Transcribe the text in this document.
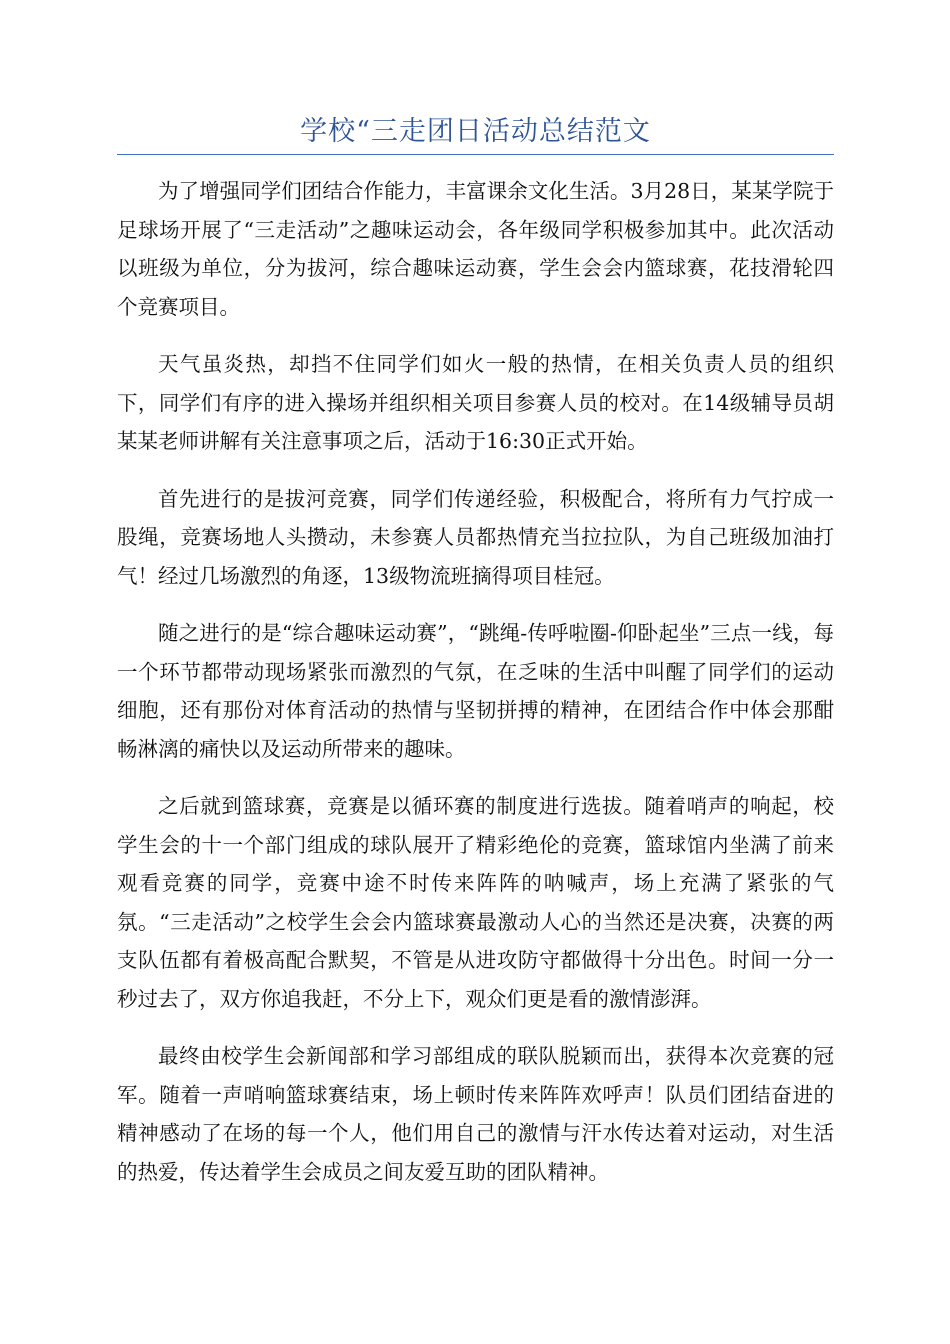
学校“三走团日活动总结范文

为了增强同学们团结合作能力，丰富课余文化生活。3月28日，某某学院于足球场开展了“三走活动”之趣味运动会，各年级同学积极参加其中。此次活动以班级为单位，分为拔河，综合趣味运动赛，学生会会内篮球赛，花技滑轮四个竞赛项目。

天气虽炎热，却挡不住同学们如火一般的热情，在相关负责人员的组织下，同学们有序的进入操场并组织相关项目参赛人员的校对。在14级辅导员胡某某老师讲解有关注意事项之后，活动于16:30正式开始。

首先进行的是拔河竞赛，同学们传递经验，积极配合，将所有力气拧成一股绳，竞赛场地人头攒动，未参赛人员都热情充当拉拉队，为自己班级加油打气！经过几场激烈的角逐，13级物流班摘得项目桂冠。

随之进行的是“综合趣味运动赛”，“跳绳-传呼啦圈-仰卧起坐”三点一线，每一个环节都带动现场紧张而激烈的气氛，在乏味的生活中叫醒了同学们的运动细胞，还有那份对体育活动的热情与坚韧拼搏的精神，在团结合作中体会那酣畅淋漓的痛快以及运动所带来的趣味。

之后就到篮球赛，竞赛是以循环赛的制度进行选拔。随着哨声的响起，校学生会的十一个部门组成的球队展开了精彩绝伦的竞赛，篮球馆内坐满了前来观看竞赛的同学，竞赛中途不时传来阵阵的呐喊声，场上充满了紧张的气氛。“三走活动”之校学生会会内篮球赛最激动人心的当然还是决赛，决赛的两支队伍都有着极高配合默契，不管是从进攻防守都做得十分出色。时间一分一秒过去了，双方你追我赶，不分上下，观众们更是看的激情澎湃。

最终由校学生会新闻部和学习部组成的联队脱颖而出，获得本次竞赛的冠军。随着一声哨响篮球赛结束，场上顿时传来阵阵欢呼声！队员们团结奋进的精神感动了在场的每一个人，他们用自己的激情与汗水传达着对运动，对生活的热爱，传达着学生会成员之间友爱互助的团队精神。
